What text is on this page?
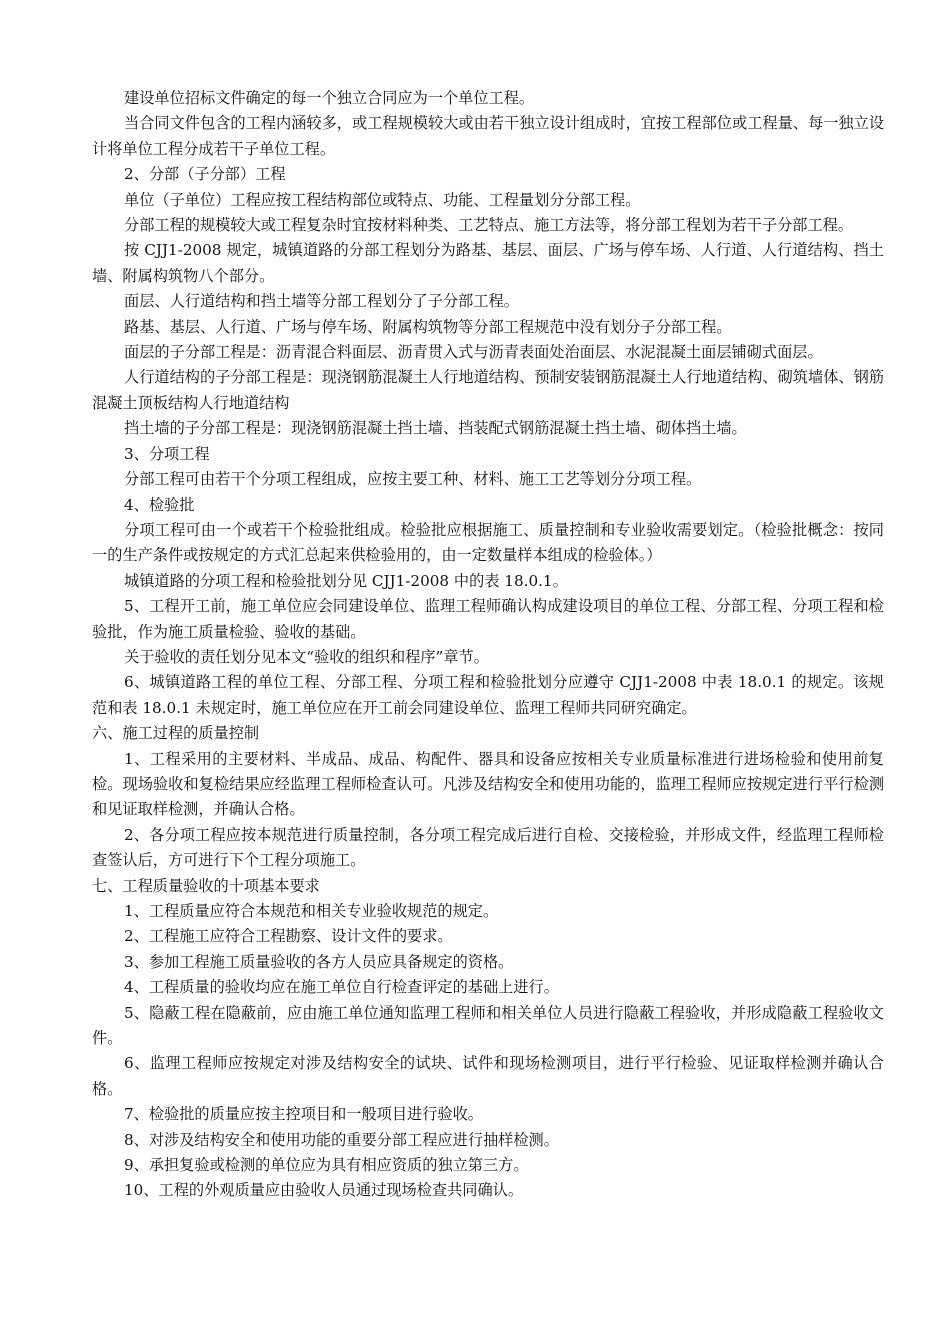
建设单位招标文件确定的每一个独立合同应为一个单位工程。

当合同文件包含的工程内涵较多，或工程规模较大或由若干独立设计组成时，宜按工程部位或工程量、每一独立设计将单位工程分成若干子单位工程。

2、分部（子分部）工程

单位（子单位）工程应按工程结构部位或特点、功能、工程量划分分部工程。

分部工程的规模较大或工程复杂时宜按材料种类、工艺特点、施工方法等，将分部工程划为若干子分部工程。

按 CJJ1-2008 规定，城镇道路的分部工程划分为路基、基层、面层、广场与停车场、人行道、人行道结构、挡土墙、附属构筑物八个部分。

面层、人行道结构和挡土墙等分部工程划分了子分部工程。

路基、基层、人行道、广场与停车场、附属构筑物等分部工程规范中没有划分子分部工程。

面层的子分部工程是：沥青混合料面层、沥青贯入式与沥青表面处治面层、水泥混凝土面层铺砌式面层。

人行道结构的子分部工程是：现浇钢筋混凝土人行地道结构、预制安装钢筋混凝土人行地道结构、砌筑墙体、钢筋混凝土顶板结构人行地道结构

挡土墙的子分部工程是：现浇钢筋混凝土挡土墙、挡装配式钢筋混凝土挡土墙、砌体挡土墙。

3、分项工程

分部工程可由若干个分项工程组成，应按主要工种、材料、施工工艺等划分分项工程。

4、检验批

分项工程可由一个或若干个检验批组成。检验批应根据施工、质量控制和专业验收需要划定。（检验批概念：按同一的生产条件或按规定的方式汇总起来供检验用的，由一定数量样本组成的检验体。）

城镇道路的分项工程和检验批划分见 CJJ1-2008 中的表 18.0.1。

5、工程开工前，施工单位应会同建设单位、监理工程师确认构成建设项目的单位工程、分部工程、分项工程和检验批，作为施工质量检验、验收的基础。

关于验收的责任划分见本文“验收的组织和程序”章节。

6、城镇道路工程的单位工程、分部工程、分项工程和检验批划分应遵守 CJJ1-2008 中表 18.0.1 的规定。该规范和表 18.0.1 未规定时，施工单位应在开工前会同建设单位、监理工程师共同研究确定。

六、施工过程的质量控制

1、工程采用的主要材料、半成品、成品、构配件、器具和设备应按相关专业质量标准进行进场检验和使用前复检。现场验收和复检结果应经监理工程师检查认可。凡涉及结构安全和使用功能的，监理工程师应按规定进行平行检测和见证取样检测，并确认合格。

2、各分项工程应按本规范进行质量控制，各分项工程完成后进行自检、交接检验，并形成文件，经监理工程师检查签认后，方可进行下个工程分项施工。

七、工程质量验收的十项基本要求

1、工程质量应符合本规范和相关专业验收规范的规定。

2、工程施工应符合工程勘察、设计文件的要求。

3、参加工程施工质量验收的各方人员应具备规定的资格。

4、工程质量的验收均应在施工单位自行检查评定的基础上进行。

5、隐蔽工程在隐蔽前，应由施工单位通知监理工程师和相关单位人员进行隐蔽工程验收，并形成隐蔽工程验收文件。

6、监理工程师应按规定对涉及结构安全的试块、试件和现场检测项目，进行平行检验、见证取样检测并确认合格。

7、检验批的质量应按主控项目和一般项目进行验收。

8、对涉及结构安全和使用功能的重要分部工程应进行抽样检测。

9、承担复验或检测的单位应为具有相应资质的独立第三方。

10、工程的外观质量应由验收人员通过现场检查共同确认。
